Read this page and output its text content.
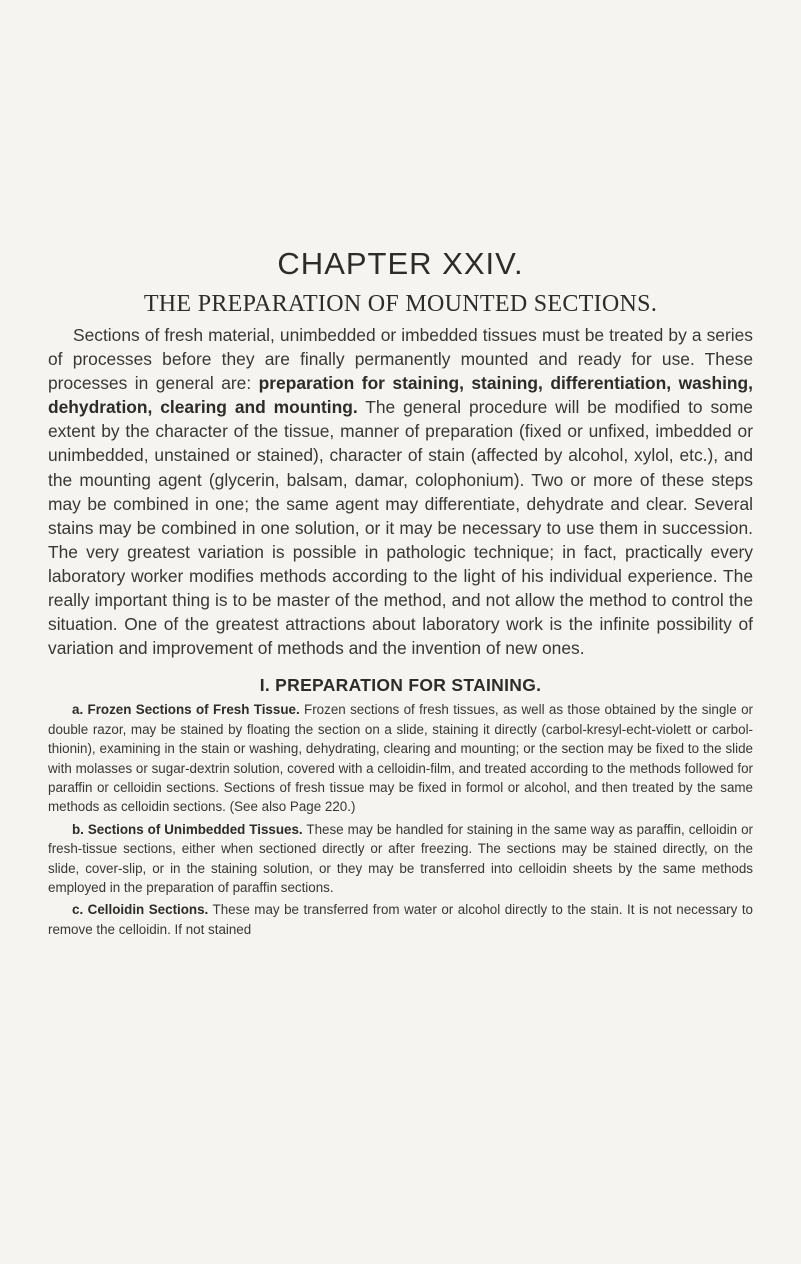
CHAPTER XXIV.
THE PREPARATION OF MOUNTED SECTIONS.

Sections of fresh material, unimbedded or imbedded tissues must be treated by a series of processes before they are finally permanently mounted and ready for use. These processes in general are: preparation for staining, staining, differentiation, washing, dehydration, clearing and mounting. The general procedure will be modified to some extent by the character of the tissue, manner of preparation (fixed or unfixed, imbedded or unimbedded, unstained or stained), character of stain (affected by alcohol, xylol, etc.), and the mounting agent (glycerin, balsam, damar, colophonium). Two or more of these steps may be combined in one; the same agent may differentiate, dehydrate and clear. Several stains may be combined in one solution, or it may be necessary to use them in succession. The very greatest variation is possible in pathologic technique; in fact, practically every laboratory worker modifies methods according to the light of his individual experience. The really important thing is to be master of the method, and not allow the method to control the situation. One of the greatest attractions about laboratory work is the infinite possibility of variation and improvement of methods and the invention of new ones.

I. PREPARATION FOR STAINING.

a. Frozen Sections of Fresh Tissue. Frozen sections of fresh tissues, as well as those obtained by the single or double razor, may be stained by floating the section on a slide, staining it directly (carbol-kresyl-echt-violett or carbol-thionin), examining in the stain or washing, dehydrating, clearing and mounting; or the section may be fixed to the slide with molasses or sugar-dextrin solution, covered with a celloidin-film, and treated according to the methods followed for paraffin or celloidin sections. Sections of fresh tissue may be fixed in formol or alcohol, and then treated by the same methods as celloidin sections. (See also Page 220.)

b. Sections of Unimbedded Tissues. These may be handled for staining in the same way as paraffin, celloidin or fresh-tissue sections, either when sectioned directly or after freezing. The sections may be stained directly, on the slide, cover-slip, or in the staining solution, or they may be transferred into celloidin sheets by the same methods employed in the preparation of paraffin sections.

c. Celloidin Sections. These may be transferred from water or alcohol directly to the stain. It is not necessary to remove the celloidin. If not stained
